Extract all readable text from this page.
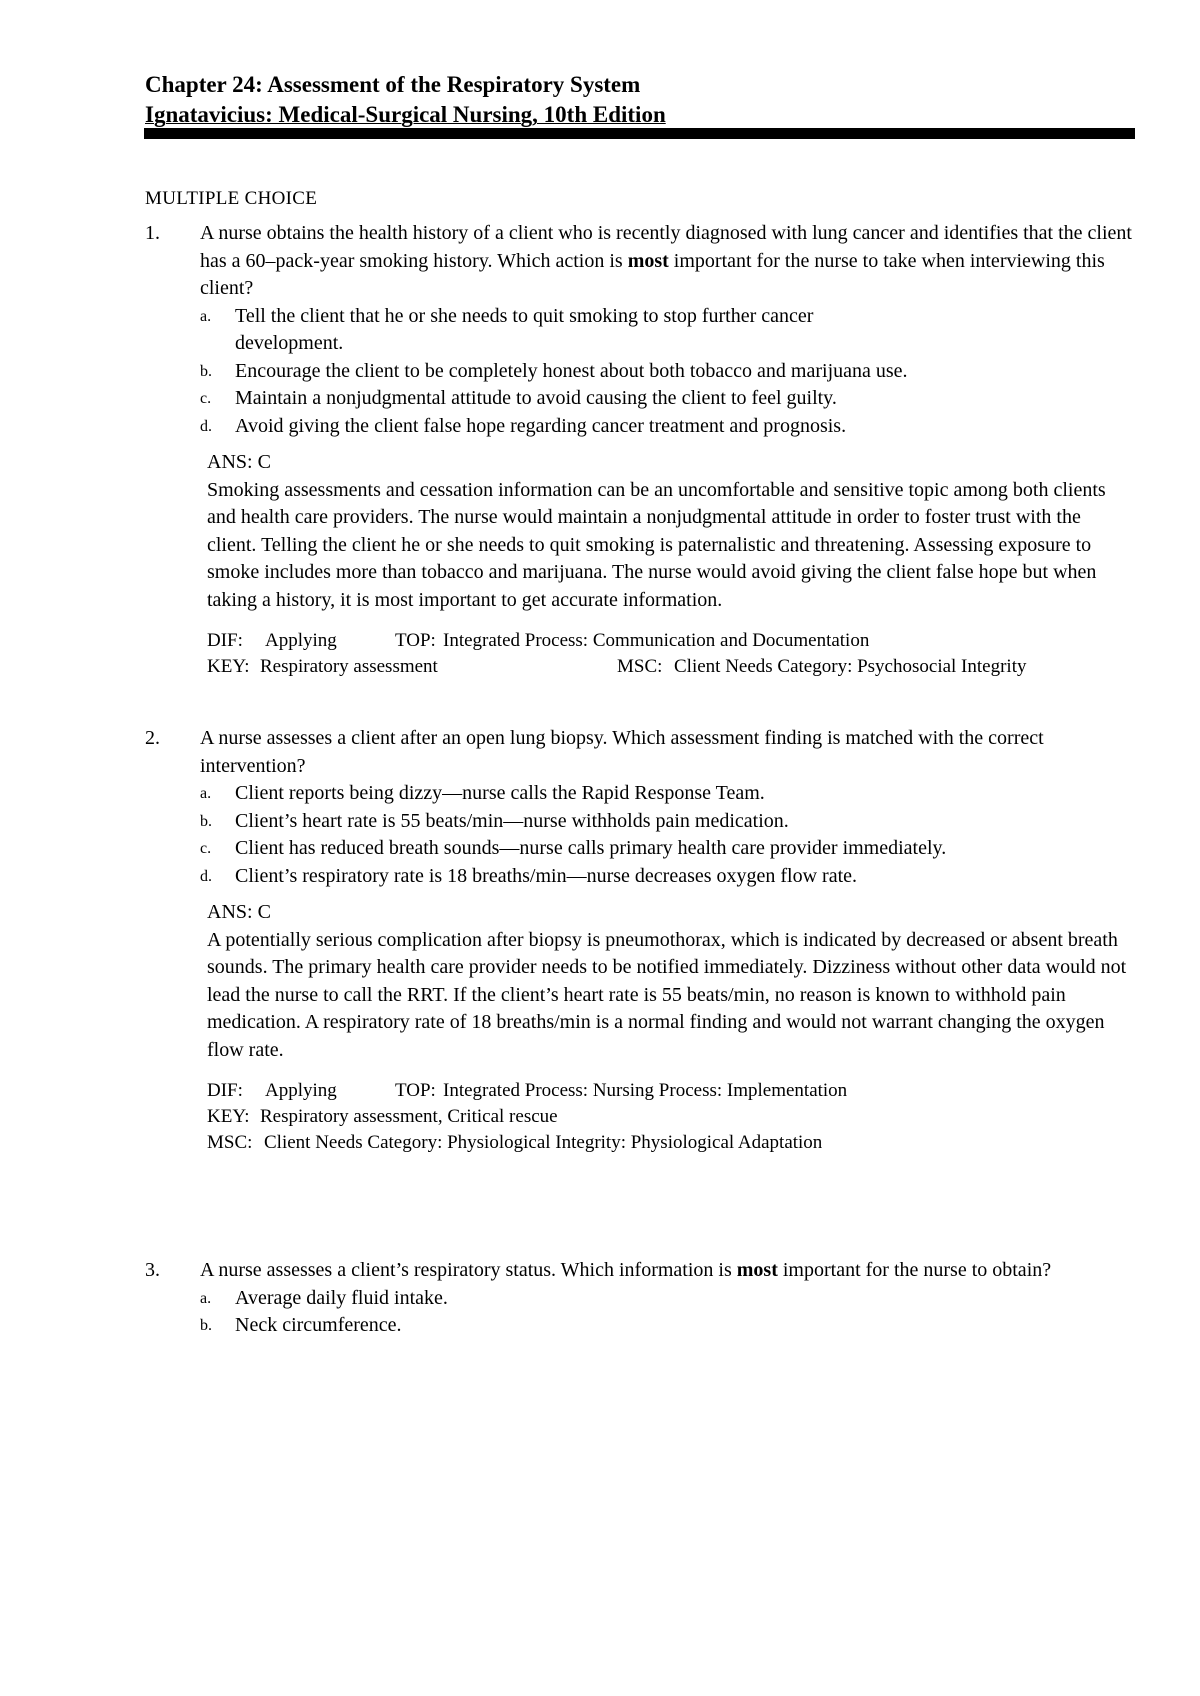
Chapter 24: Assessment of the Respiratory System
Ignatavicius: Medical-Surgical Nursing, 10th Edition
MULTIPLE CHOICE
1. A nurse obtains the health history of a client who is recently diagnosed with lung cancer and identifies that the client has a 60–pack-year smoking history. Which action is most important for the nurse to take when interviewing this client?
a. Tell the client that he or she needs to quit smoking to stop further cancer development.
b. Encourage the client to be completely honest about both tobacco and marijuana use.
c. Maintain a nonjudgmental attitude to avoid causing the client to feel guilty.
d. Avoid giving the client false hope regarding cancer treatment and prognosis.
ANS: C
Smoking assessments and cessation information can be an uncomfortable and sensitive topic among both clients and health care providers. The nurse would maintain a nonjudgmental attitude in order to foster trust with the client. Telling the client he or she needs to quit smoking is paternalistic and threatening. Assessing exposure to smoke includes more than tobacco and marijuana. The nurse would avoid giving the client false hope but when taking a history, it is most important to get accurate information.
DIF: Applying	TOP: Integrated Process: Communication and Documentation
KEY: Respiratory assessment	MSC: Client Needs Category: Psychosocial Integrity
2. A nurse assesses a client after an open lung biopsy. Which assessment finding is matched with the correct intervention?
a. Client reports being dizzy—nurse calls the Rapid Response Team.
b. Client’s heart rate is 55 beats/min—nurse withholds pain medication.
c. Client has reduced breath sounds—nurse calls primary health care provider immediately.
d. Client’s respiratory rate is 18 breaths/min—nurse decreases oxygen flow rate.
ANS: C
A potentially serious complication after biopsy is pneumothorax, which is indicated by decreased or absent breath sounds. The primary health care provider needs to be notified immediately. Dizziness without other data would not lead the nurse to call the RRT. If the client’s heart rate is 55 beats/min, no reason is known to withhold pain medication. A respiratory rate of 18 breaths/min is a normal finding and would not warrant changing the oxygen flow rate.
DIF: Applying	TOP: Integrated Process: Nursing Process: Implementation
KEY: Respiratory assessment, Critical rescue
MSC: Client Needs Category: Physiological Integrity: Physiological Adaptation
3. A nurse assesses a client’s respiratory status. Which information is most important for the nurse to obtain?
a. Average daily fluid intake.
b. Neck circumference.
